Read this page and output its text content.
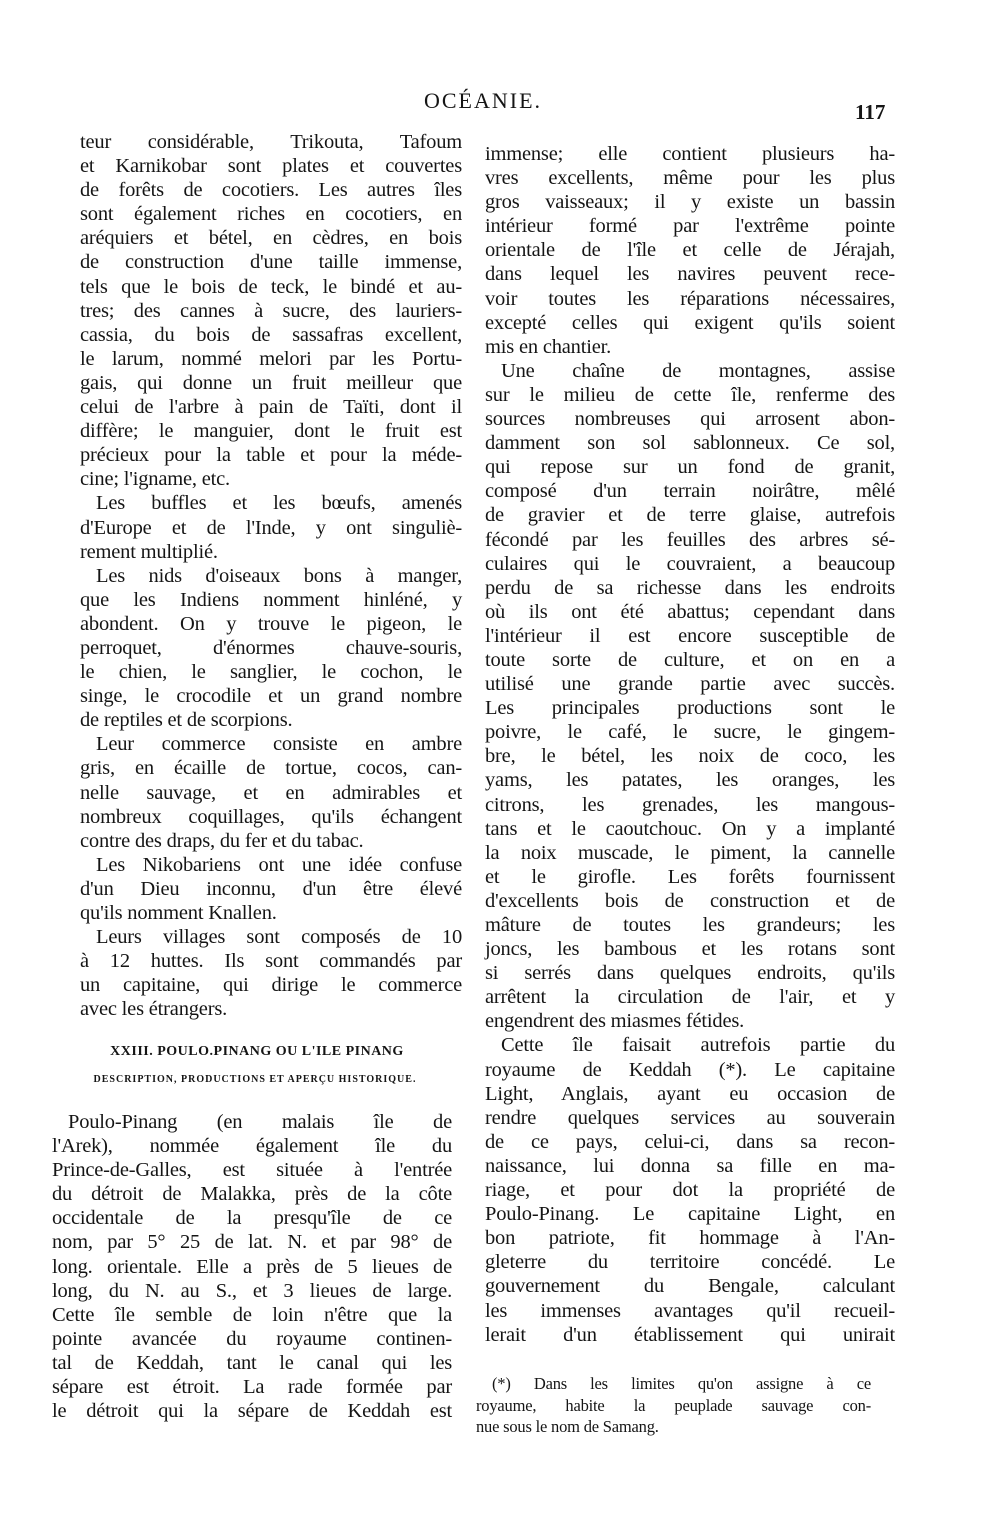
OCÉANIE.	117
teur considérable, Trikouta, Tafoum
et Karnikobar sont plates et couvertes
de forêts de cocotiers. Les autres îles
sont également riches en cocotiers, en
aréquiers et bétel, en cèdres, en bois
de construction d'une taille immense,
tels que le bois de teck, le bindé et au-
tres; des cannes à sucre, des lauriers-
cassia, du bois de sassafras excellent,
le larum, nommé melori par les Portu-
gais, qui donne un fruit meilleur que
celui de l'arbre à pain de Taïti, dont il
diffère; le manguier, dont le fruit est
précieux pour la table et pour la méde-
cine; l'igname, etc.
Les buffles et les bœufs, amenés
d'Europe et de l'Inde, y ont singuliè-
rement multiplié.
Les nids d'oiseaux bons à manger,
que les Indiens nomment hinléné, y
abondent. On y trouve le pigeon, le
perroquet, d'énormes chauve-souris,
le chien, le sanglier, le cochon, le
singe, le crocodile et un grand nombre
de reptiles et de scorpions.
Leur commerce consiste en ambre
gris, en écaille de tortue, cocos, can-
nelle sauvage, et en admirables et
nombreux coquillages, qu'ils échangent
contre des draps, du fer et du tabac.
Les Nikobariens ont une idée confuse
d'un Dieu inconnu, d'un être élevé
qu'ils nomment Knallen.
Leurs villages sont composés de 10
à 12 huttes. Ils sont commandés par
un capitaine, qui dirige le commerce
avec les étrangers.
XXIII. POULO.PINANG OU L'ILE PINANG
DESCRIPTION, PRODUCTIONS ET APERÇU HISTORIQUE.
Poulo-Pinang (en malais île de
l'Arek), nommée également île du
Prince-de-Galles, est située à l'entrée
du détroit de Malakka, près de la côte
occidentale de la presqu'île de ce
nom, par 5° 25 de lat. N. et par 98° de
long. orientale. Elle a près de 5 lieues de
long, du N. au S., et 3 lieues de large.
Cette île semble de loin n'être que la
pointe avancée du royaume continen-
tal de Keddah, tant le canal qui les
sépare est étroit. La rade formée par
le détroit qui la sépare de Keddah est
immense; elle contient plusieurs ha-
vres excellents, même pour les plus
gros vaisseaux; il y existe un bassin
intérieur formé par l'extrême pointe
orientale de l'île et celle de Jérajah,
dans lequel les navires peuvent rece-
voir toutes les réparations nécessaires,
excepté celles qui exigent qu'ils soient
mis en chantier.
Une chaîne de montagnes, assise
sur le milieu de cette île, renferme des
sources nombreuses qui arrosent abon-
damment son sol sablonneux. Ce sol,
qui repose sur un fond de granit,
composé d'un terrain noirâtre, mêlé
de gravier et de terre glaise, autrefois
fécondé par les feuilles des arbres sé-
culaires qui le couvraient, a beaucoup
perdu de sa richesse dans les endroits
où ils ont été abattus; cependant dans
l'intérieur il est encore susceptible de
toute sorte de culture, et on en a
utilisé une grande partie avec succès.
Les principales productions sont le
poivre, le café, le sucre, le gingem-
bre, le bétel, les noix de coco, les
yams, les patates, les oranges, les
citrons, les grenades, les mangous-
tans et le caoutchouc. On y a implanté
la noix muscade, le piment, la cannelle
et le girofle. Les forêts fournissent
d'excellents bois de construction et de
mâture de toutes les grandeurs; les
joncs, les bambous et les rotans sont
si serrés dans quelques endroits, qu'ils
arrêtent la circulation de l'air, et y
engendrent des miasmes fétides.
Cette île faisait autrefois partie du
royaume de Keddah (*). Le capitaine
Light, Anglais, ayant eu occasion de
rendre quelques services au souverain
de ce pays, celui-ci, dans sa recon-
naissance, lui donna sa fille en ma-
riage, et pour dot la propriété de
Poulo-Pinang. Le capitaine Light, en
bon patriote, fit hommage à l'An-
gleterre du territoire concédé. Le
gouvernement du Bengale, calculant
les immenses avantages qu'il recueil-
lerait d'un établissement qui unirait
(*) Dans les limites qu'on assigne à ce
royaume, habite la peuplade sauvage con-
nue sous le nom de Samang.
